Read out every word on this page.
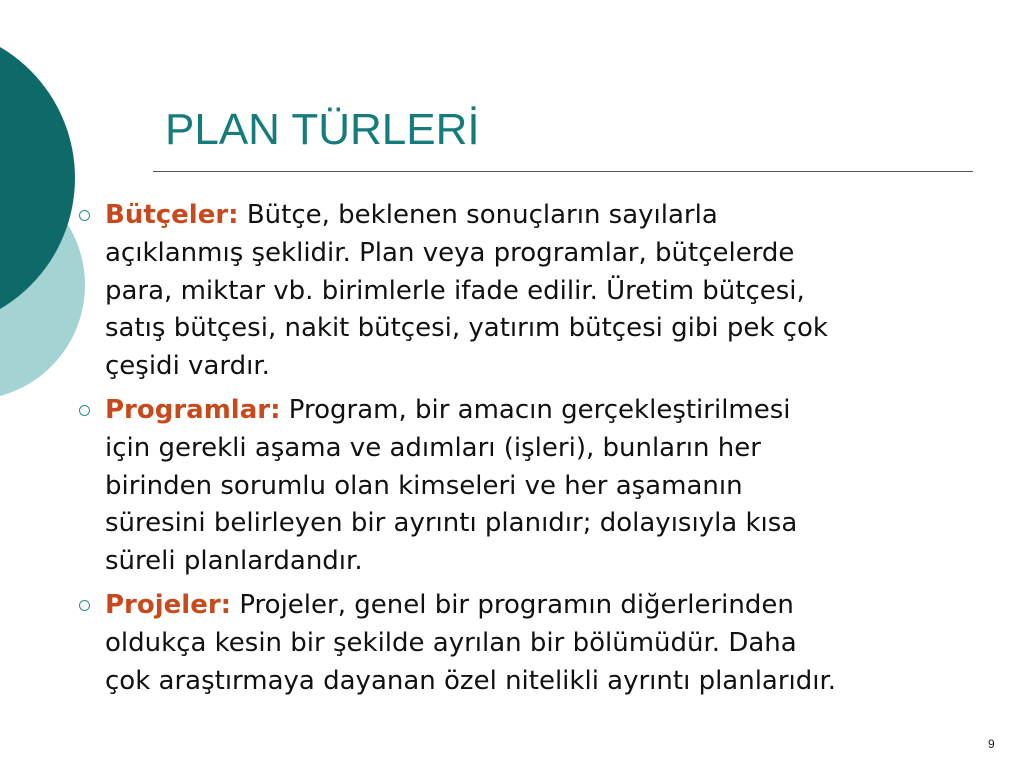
PLAN TÜRLERİ
Bütçeler: Bütçe, beklenen sonuçların sayılarla
açıklanmış şeklidir. Plan veya programlar, bütçelerde
para, miktar vb. birimlerle ifade edilir. Üretim bütçesi,
satış bütçesi, nakit bütçesi, yatırım bütçesi gibi pek çok
çeşidi vardır.
Programlar: Program, bir amacın gerçekleştirilmesi
için gerekli aşama ve adımları (işleri), bunların her
birinden sorumlu olan kimseleri ve her aşamanın
süresini belirleyen bir ayrıntı planıdır; dolayısıyla kısa
süreli planlardandır.
Projeler: Projeler, genel bir programın diğerlerinden
oldukça kesin bir şekilde ayrılan bir bölümüdür. Daha
çok araştırmaya dayanan özel nitelikli ayrıntı planlarıdır.
9
